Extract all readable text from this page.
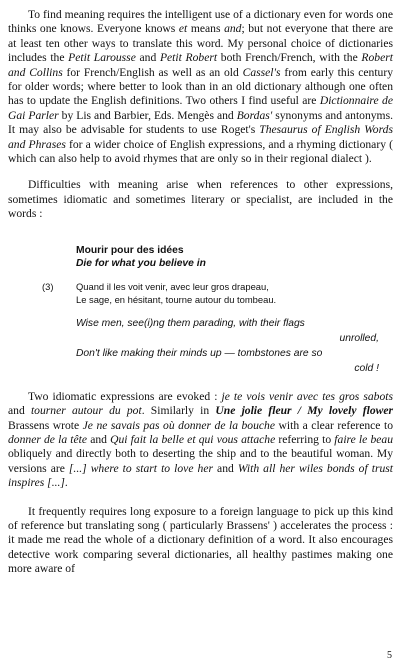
To find meaning requires the intelligent use of a dictionary even for words one thinks one knows. Everyone knows et means and; but not everyone that there are at least ten other ways to translate this word. My personal choice of dictionaries includes the Petit Larousse and Petit Robert both French/French, with the Robert and Collins for French/English as well as an old Cassel's from early this century for older words; where better to look than in an old dictionary although one often has to update the English definitions. Two others I find useful are Dictionnaire de Gai Parler by Lis and Barbier, Eds. Mengès and Bordas' synonyms and antonyms. It may also be advisable for students to use Roget's Thesaurus of English Words and Phrases for a wider choice of English expressions, and a rhyming dictionary ( which can also help to avoid rhymes that are only so in their regional dialect ).

Difficulties with meaning arise when references to other expressions, sometimes idiomatic and sometimes literary or specialist, are included in the words :

Mourir pour des idées
Die for what you believe in
(3) Quand il les voit venir, avec leur gros drapeau,
Le sage, en hésitant, tourne autour du tombeau.
Wise men, see(i)ng them parading, with their flags
unrolled,
Don't like making their minds up — tombstones are so
cold !

Two idiomatic expressions are evoked : je te vois venir avec tes gros sabots and tourner autour du pot. Similarly in Une jolie fleur / My lovely flower Brassens wrote Je ne savais pas où donner de la bouche with a clear reference to donner de la tête and Qui fait la belle et qui vous attache referring to faire le beau obliquely and directly both to deserting the ship and to the beautiful woman. My versions are [...] where to start to love her and With all her wiles bonds of trust inspires [...].

It frequently requires long exposure to a foreign language to pick up this kind of reference but translating song ( particularly Brassens' ) accelerates the process : it made me read the whole of a dictionary definition of a word. It also encourages detective work comparing several dictionaries, all healthy pastimes making one more aware of

5
